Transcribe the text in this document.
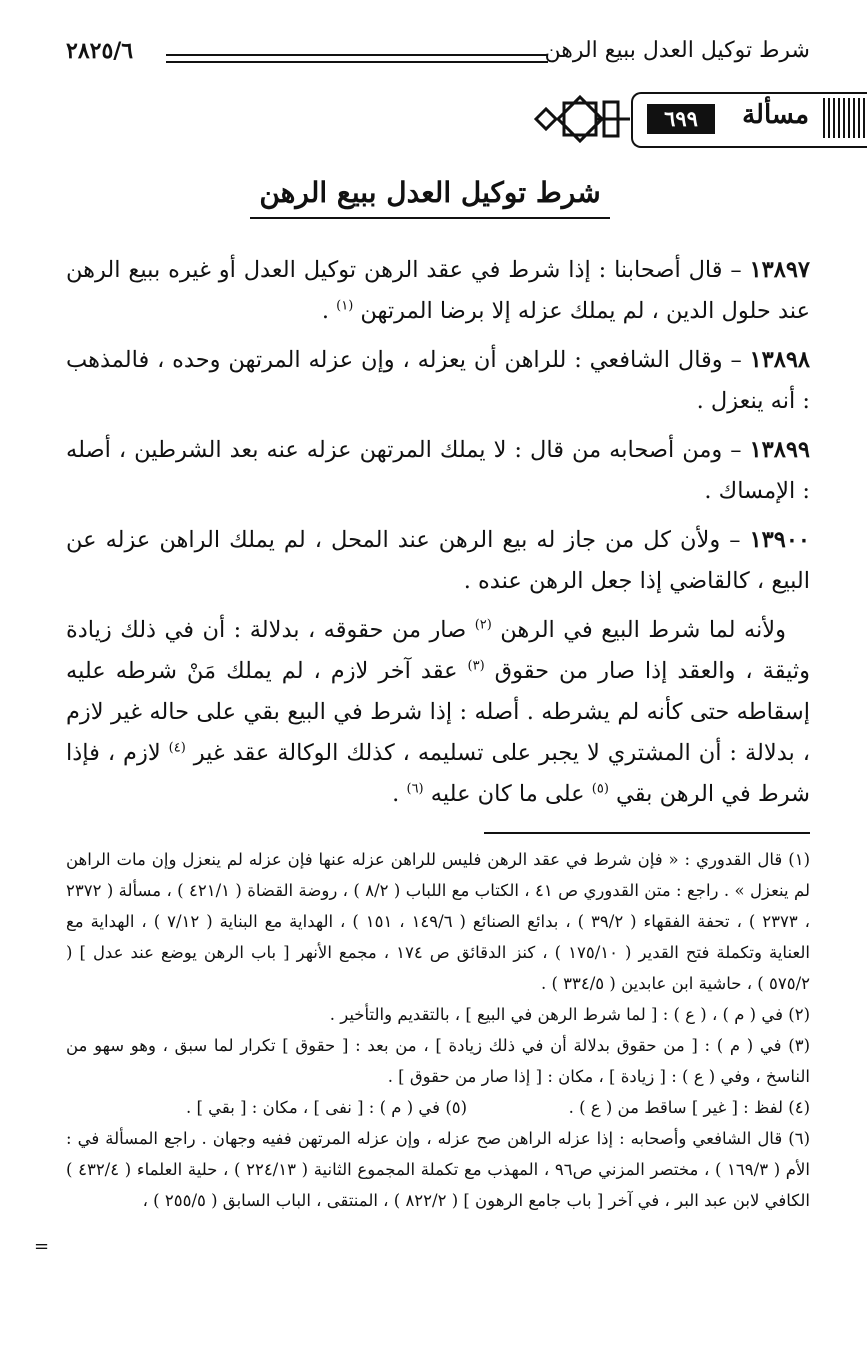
شرط توكيل العدل ببيع الرهن
٢٨٢٥/٦
مسألة
٦٩٩
شرط توكيل العدل ببيع الرهن

١٣٨٩٧ – قال أصحابنا : إذا شرط في عقد الرهن توكيل العدل أو غيره ببيع الرهن عند حلول الدين ، لم يملك عزله إلا برضا المرتهن $^{(١)}$ .

١٣٨٩٨ – وقال الشافعي : للراهن أن يعزله ، وإن عزله المرتهن وحده ، فالمذهب : أنه ينعزل .

١٣٨٩٩ – ومن أصحابه من قال : لا يملك المرتهن عزله عنه بعد الشرطين ، أصله : الإمساك .

١٣٩٠٠ – ولأن كل من جاز له بيع الرهن عند المحل ، لم يملك الراهن عزله عن البيع ، كالقاضي إذا جعل الرهن عنده .

ولأنه لما شرط البيع في الرهن $^{(٢)}$ صار من حقوقه ، بدلالة : أن في ذلك زيادة وثيقة ، والعقد إذا صار من حقوق $^{(٣)}$ عقد آخر لازم ، لم يملك مَنْ شرطه عليه إسقاطه حتى كأنه لم يشرطه . أصله : إذا شرط في البيع بقي على حاله غير لازم ، بدلالة : أن المشتري لا يجبر على تسليمه ، كذلك الوكالة عقد غير $^{(٤)}$ لازم ، فإذا شرط في الرهن بقي $^{(٥)}$ على ما كان عليه $^{(٦)}$ .

(١) قال القدوري : « فإن شرط في عقد الرهن فليس للراهن عزله عنها فإن عزله لم ينعزل وإن مات الراهن لم ينعزل » . راجع : متن القدوري ص ٤١ ، الكتاب مع اللباب ( ٨/٢ ) ، روضة القضاة ( ٤٢١/١ ) ، مسألة ( ٢٣٧٢ ، ٢٣٧٣ ) ، تحفة الفقهاء ( ٣٩/٢ ) ، بدائع الصنائع ( ١٤٩/٦ ، ١٥١ ) ، الهداية مع البناية ( ٧/١٢ ) ، الهداية مع العناية وتكملة فتح القدير ( ١٧٥/١٠ ) ، كنز الدقائق ص ١٧٤ ، مجمع الأنهر [ باب الرهن يوضع عند عدل ] ( ٥٧٥/٢ ) ، حاشية ابن عابدين ( ٣٣٤/٥ ) .

(٢) في ( م ) ، ( ع ) : [ لما شرط الرهن في البيع ] ، بالتقديم والتأخير .

(٣) في ( م ) : [ من حقوق بدلالة أن في ذلك زيادة ] ، من بعد : [ حقوق ] تكرار لما سبق ، وهو سهو من الناسخ ، وفي ( ع ) : [ زيادة ] ، مكان : [ إذا صار من حقوق ] .

(٤) لفظ : [ غير ] ساقط من ( ع ) .
(٥) في ( م ) : [ نفى ] ، مكان : [ بقي ] .

(٦) قال الشافعي وأصحابه : إذا عزله الراهن صح عزله ، وإن عزله المرتهن ففيه وجهان . راجع المسألة في : الأم ( ١٦٩/٣ ) ، مختصر المزني ص٩٦ ، المهذب مع تكملة المجموع الثانية ( ٢٢٤/١٣ ) ، حلية العلماء ( ٤٣٢/٤ ) الكافي لابن عبد البر ، في آخر [ باب جامع الرهون ] ( ٨٢٢/٢ ) ، المنتقى ، الباب السابق ( ٢٥٥/٥ ) ،

=
